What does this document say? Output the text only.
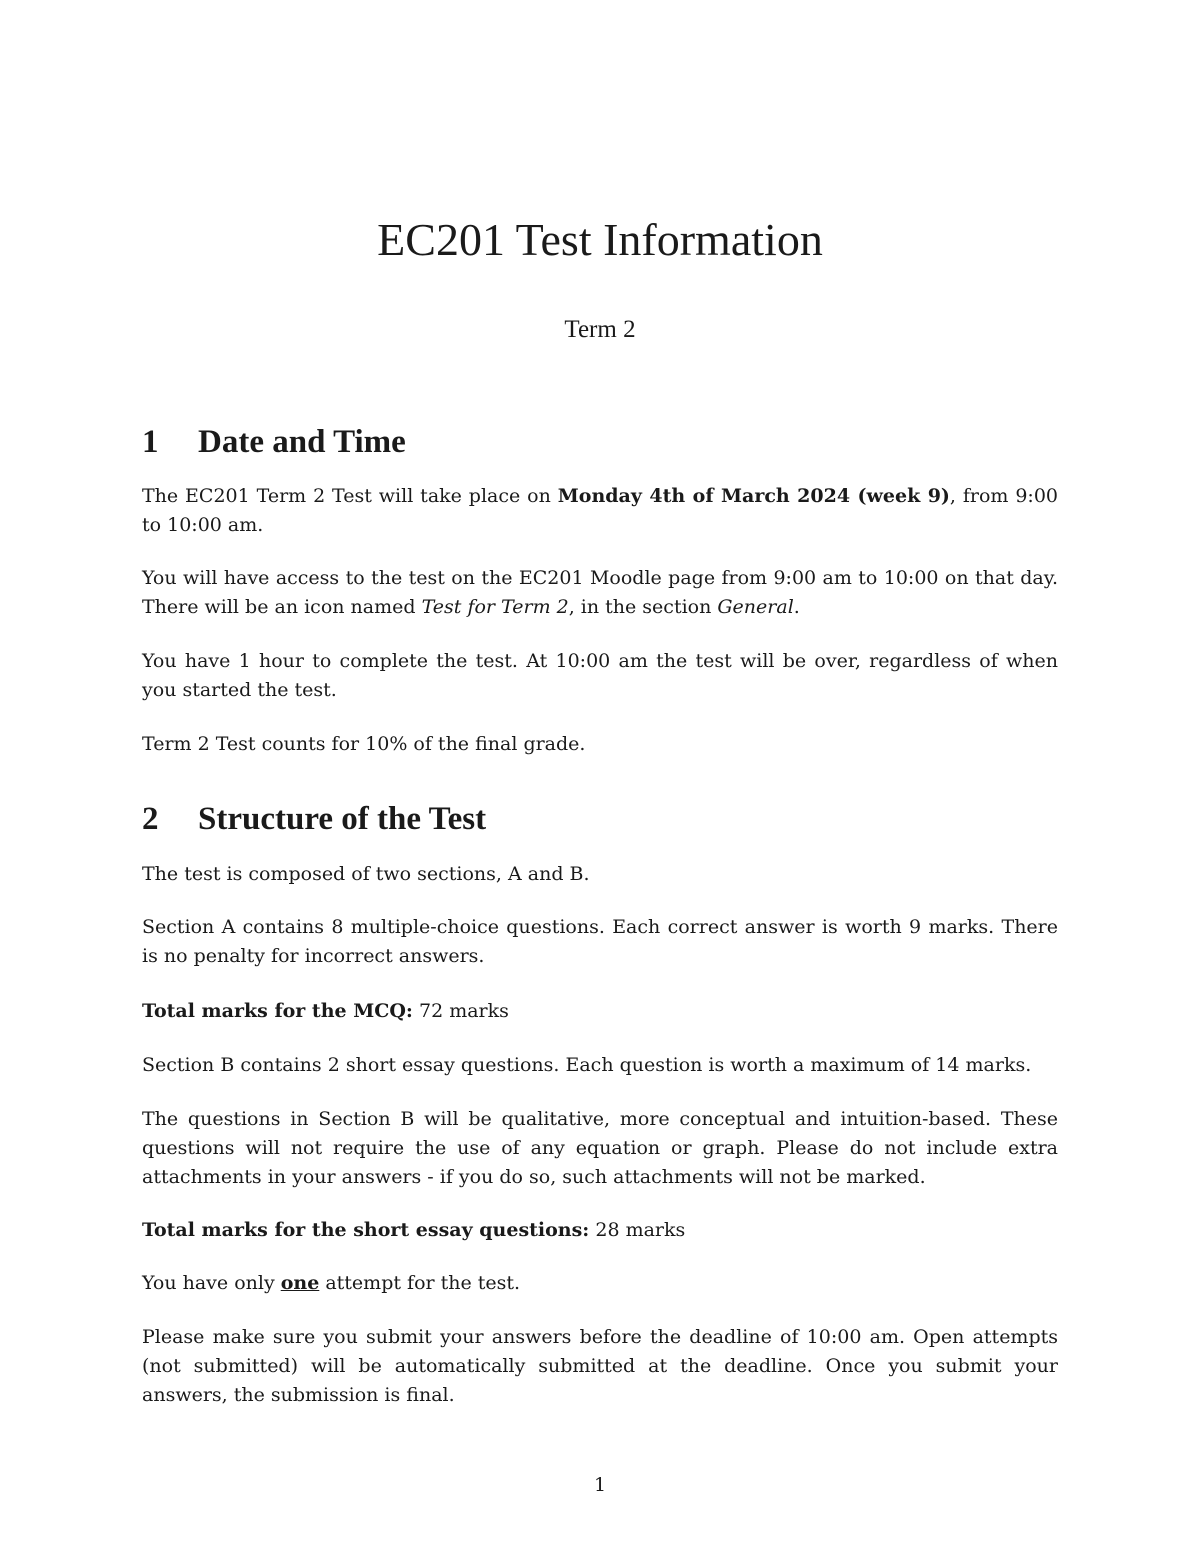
EC201 Test Information
Term 2
1 Date and Time

The EC201 Term 2 Test will take place on Monday 4th of March 2024 (week 9), from 9:00 to 10:00 am.

You will have access to the test on the EC201 Moodle page from 9:00 am to 10:00 on that day. There will be an icon named Test for Term 2, in the section General.

You have 1 hour to complete the test. At 10:00 am the test will be over, regardless of when you started the test.

Term 2 Test counts for 10% of the final grade.

2 Structure of the Test

The test is composed of two sections, A and B.

Section A contains 8 multiple-choice questions. Each correct answer is worth 9 marks. There is no penalty for incorrect answers.

Total marks for the MCQ: 72 marks

Section B contains 2 short essay questions. Each question is worth a maximum of 14 marks.

The questions in Section B will be qualitative, more conceptual and intuition-based. These questions will not require the use of any equation or graph. Please do not include extra attachments in your answers - if you do so, such attachments will not be marked.

Total marks for the short essay questions: 28 marks

You have only one attempt for the test.

Please make sure you submit your answers before the deadline of 10:00 am. Open attempts (not submitted) will be automatically submitted at the deadline. Once you submit your answers, the submission is final.

1
